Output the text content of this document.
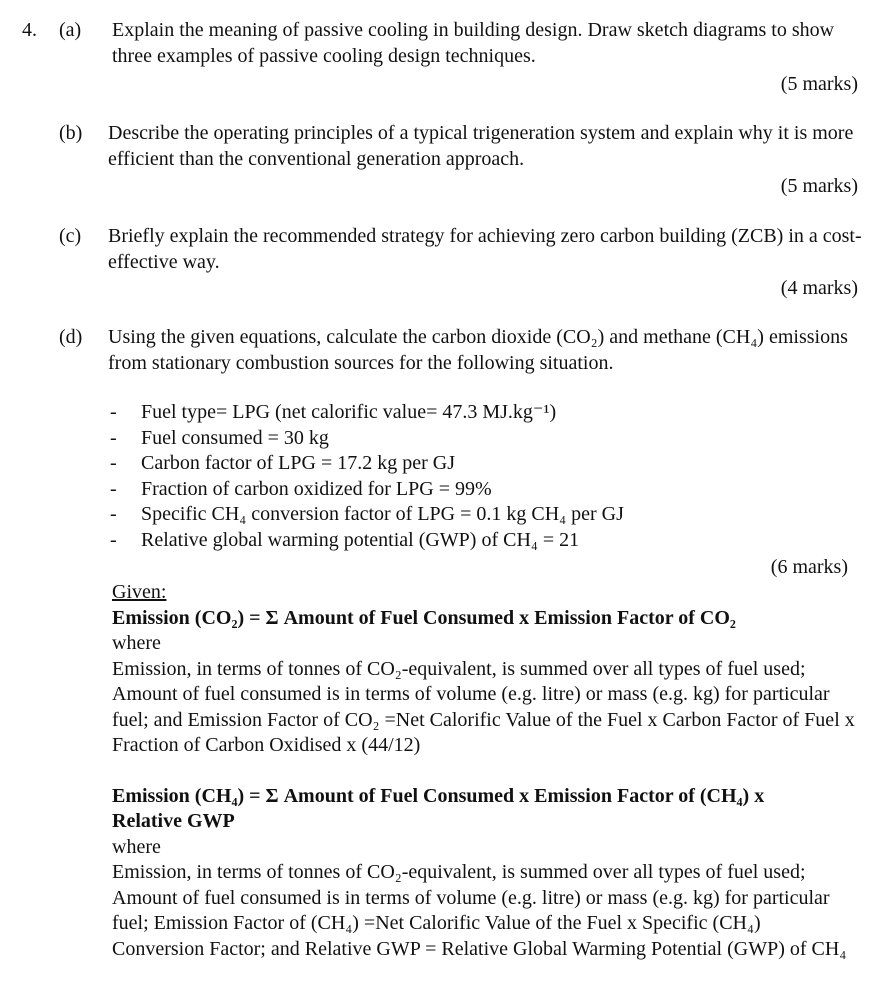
4. (a) Explain the meaning of passive cooling in building design. Draw sketch diagrams to show three examples of passive cooling design techniques.
(5 marks)
(b) Describe the operating principles of a typical trigeneration system and explain why it is more efficient than the conventional generation approach.
(5 marks)
(c) Briefly explain the recommended strategy for achieving zero carbon building (ZCB) in a cost-effective way.
(4 marks)
(d) Using the given equations, calculate the carbon dioxide (CO₂) and methane (CH₄) emissions from stationary combustion sources for the following situation.
- Fuel type= LPG (net calorific value= 47.3 MJ.kg⁻¹)
- Fuel consumed = 30 kg
- Carbon factor of LPG = 17.2 kg per GJ
- Fraction of carbon oxidized for LPG = 99%
- Specific CH₄ conversion factor of LPG = 0.1 kg CH₄ per GJ
- Relative global warming potential (GWP) of CH₄ = 21
(6 marks)

Given:

Emission (CO₂) = Σ Amount of Fuel Consumed x Emission Factor of CO₂

where

Emission, in terms of tonnes of CO₂-equivalent, is summed over all types of fuel used; Amount of fuel consumed is in terms of volume (e.g. litre) or mass (e.g. kg) for particular fuel; and Emission Factor of CO₂ =Net Calorific Value of the Fuel x Carbon Factor of Fuel x Fraction of Carbon Oxidised x (44/12)

Emission (CH₄) = Σ Amount of Fuel Consumed x Emission Factor of (CH₄) x Relative GWP

where

Emission, in terms of tonnes of CO₂-equivalent, is summed over all types of fuel used; Amount of fuel consumed is in terms of volume (e.g. litre) or mass (e.g. kg) for particular fuel; Emission Factor of (CH₄) =Net Calorific Value of the Fuel x Specific (CH₄) Conversion Factor; and Relative GWP = Relative Global Warming Potential (GWP) of CH₄
